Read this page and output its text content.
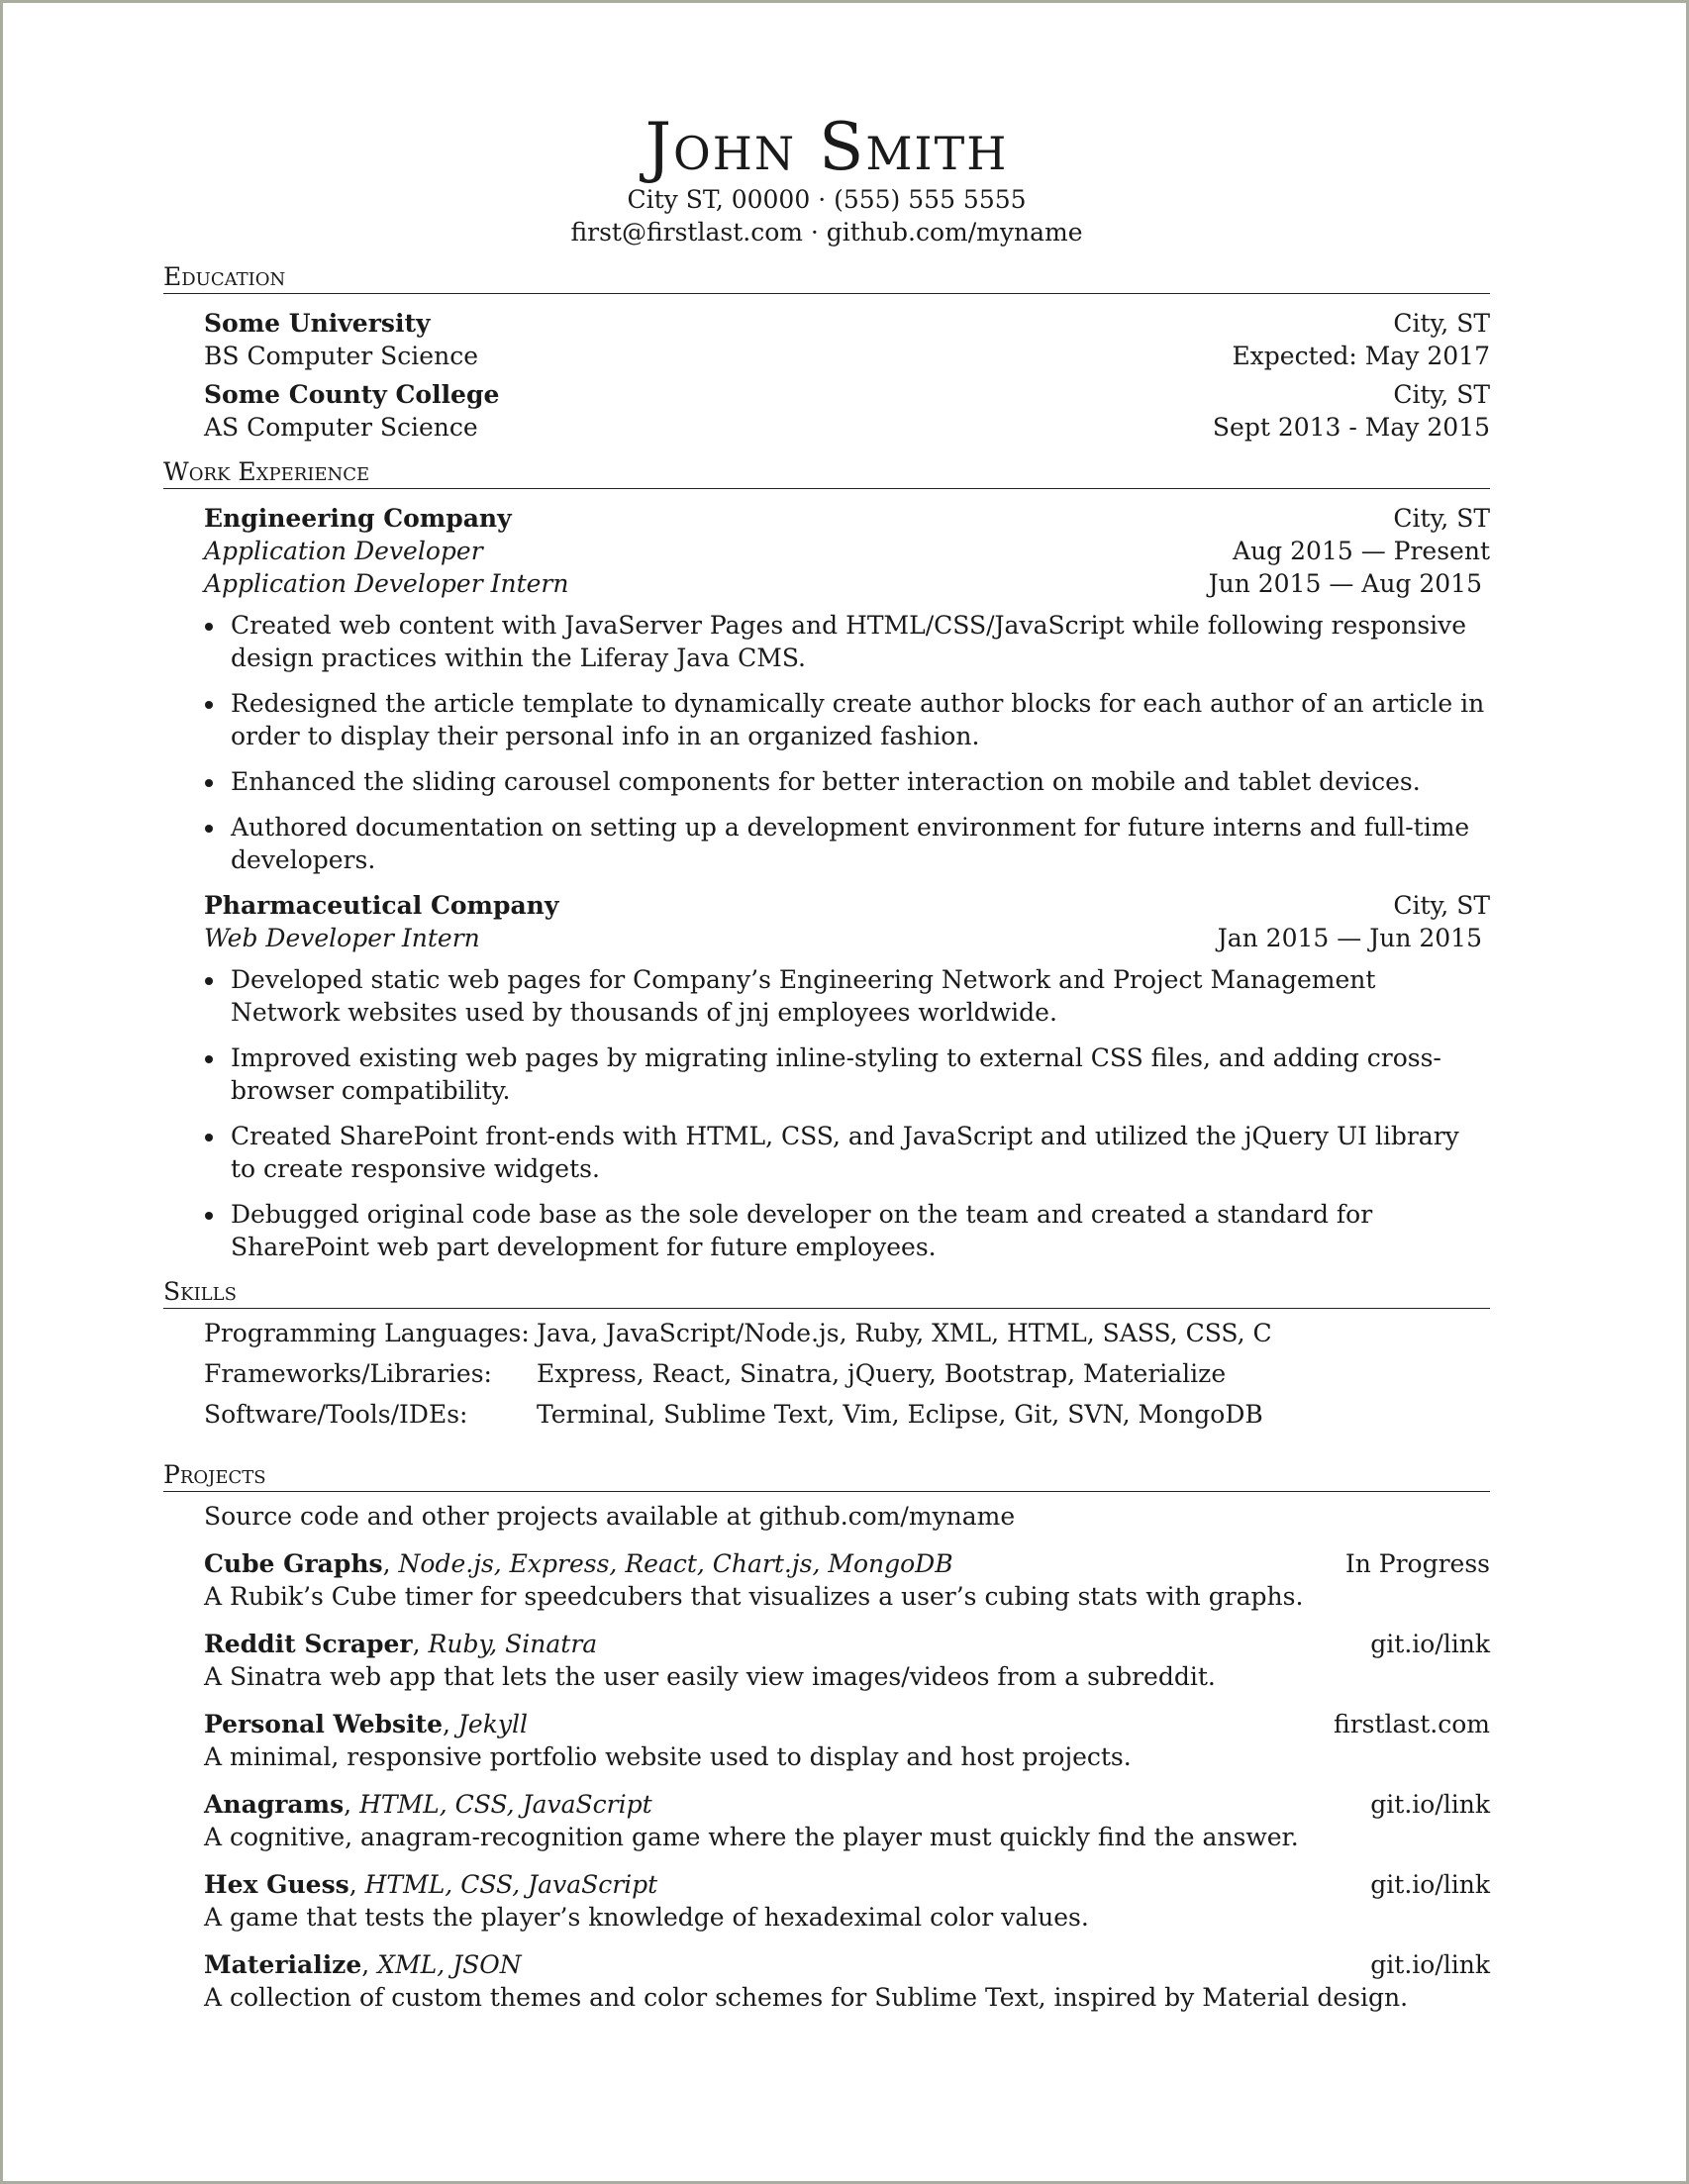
John Smith
City ST, 00000 · (555) 555 5555
first@firstlast.com · github.com/myname
Education
Some University	City, ST
BS Computer Science	Expected: May 2017
Some County College	City, ST
AS Computer Science	Sept 2013 - May 2015
Work Experience
Engineering Company	City, ST
Application Developer	Aug 2015 — Present
Application Developer Intern	Jun 2015 — Aug 2015
Created web content with JavaServer Pages and HTML/CSS/JavaScript while following responsive design practices within the Liferay Java CMS.
Redesigned the article template to dynamically create author blocks for each author of an article in order to display their personal info in an organized fashion.
Enhanced the sliding carousel components for better interaction on mobile and tablet devices.
Authored documentation on setting up a development environment for future interns and full-time developers.
Pharmaceutical Company	City, ST
Web Developer Intern	Jan 2015 — Jun 2015
Developed static web pages for Company’s Engineering Network and Project Management Network websites used by thousands of jnj employees worldwide.
Improved existing web pages by migrating inline-styling to external CSS files, and adding cross-browser compatibility.
Created SharePoint front-ends with HTML, CSS, and JavaScript and utilized the jQuery UI library to create responsive widgets.
Debugged original code base as the sole developer on the team and created a standard for SharePoint web part development for future employees.
Skills
Programming Languages: Java, JavaScript/Node.js, Ruby, XML, HTML, SASS, CSS, C
Frameworks/Libraries:	Express, React, Sinatra, jQuery, Bootstrap, Materialize
Software/Tools/IDEs:	Terminal, Sublime Text, Vim, Eclipse, Git, SVN, MongoDB
Projects
Source code and other projects available at github.com/myname
Cube Graphs, Node.js, Express, React, Chart.js, MongoDB	In Progress
A Rubik’s Cube timer for speedcubers that visualizes a user’s cubing stats with graphs.
Reddit Scraper, Ruby, Sinatra	git.io/link
A Sinatra web app that lets the user easily view images/videos from a subreddit.
Personal Website, Jekyll	firstlast.com
A minimal, responsive portfolio website used to display and host projects.
Anagrams, HTML, CSS, JavaScript	git.io/link
A cognitive, anagram-recognition game where the player must quickly find the answer.
Hex Guess, HTML, CSS, JavaScript	git.io/link
A game that tests the player’s knowledge of hexadeximal color values.
Materialize, XML, JSON	git.io/link
A collection of custom themes and color schemes for Sublime Text, inspired by Material design.
